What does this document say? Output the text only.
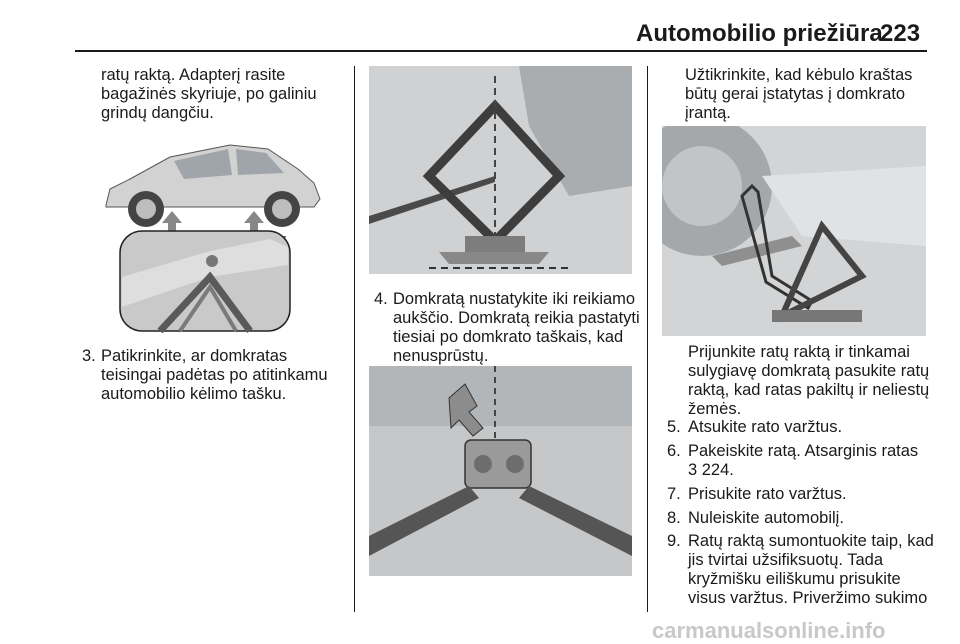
Automobilio priežiūra
223
ratų raktą. Adapterį rasite
bagažinės skyriuje, po galiniu
grindų dangčiu.
3. Patikrinkite, ar domkratas
teisingai padėtas po atitinkamu
automobilio kėlimo tašku.
4. Domkratą nustatykite iki reikiamo
aukščio. Domkratą reikia pastatyti
tiesiai po domkrato taškais, kad
nenusprūstų.
Užtikrinkite, kad kėbulo kraštas
būtų gerai įstatytas į domkrato
įrantą.
Prijunkite ratų raktą ir tinkamai
sulygiavę domkratą pasukite ratų
raktą, kad ratas pakiltų ir neliestų
žemės.
5. Atsukite rato varžtus.
6. Pakeiskite ratą. Atsarginis ratas
3 224.
7. Prisukite rato varžtus.
8. Nuleiskite automobilį.
9. Ratų raktą sumontuokite taip, kad
jis tvirtai užsifiksuotų. Tada
kryžmišku eiliškumu prisukite
visus varžtus. Priveržimo sukimo
carmanualsonline.info
